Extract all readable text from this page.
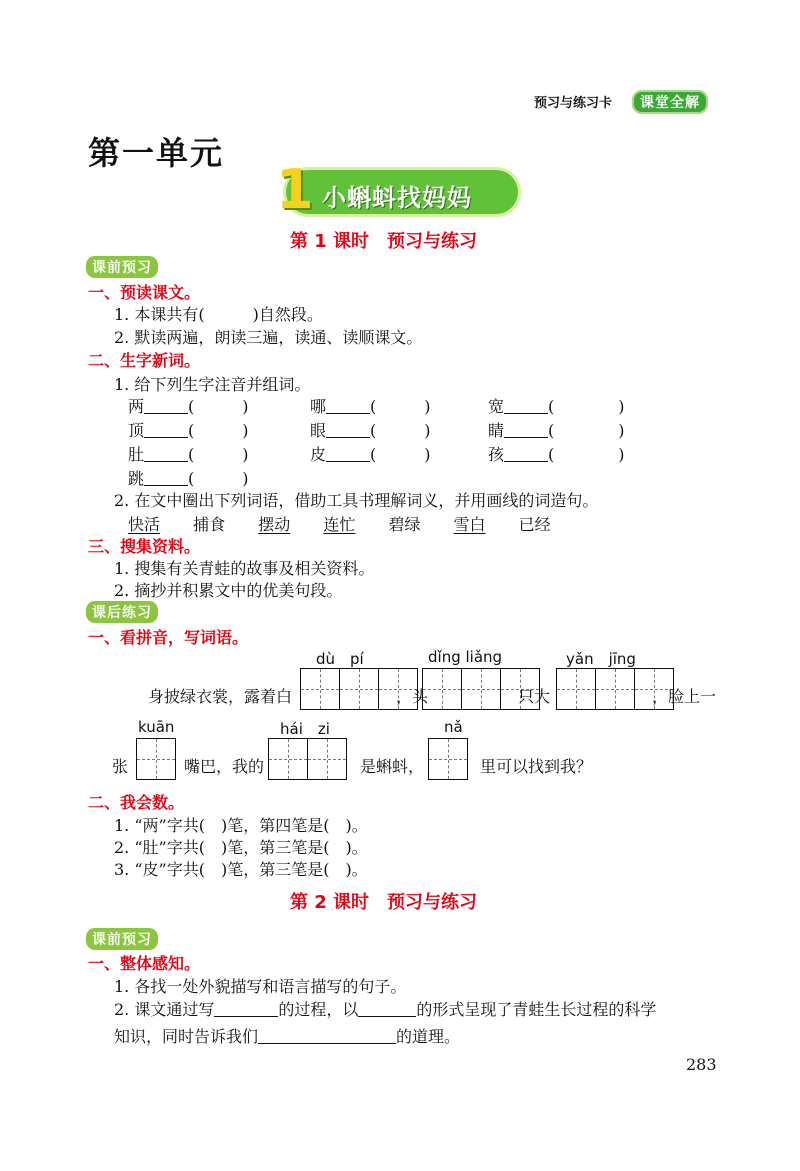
预习与练习卡	课堂全解
第一单元
1 小蝌蚪找妈妈
第 1 课时　预习与练习
课前预习
一、预读课文。
1. 本课共有(　　　)自然段。
2. 默读两遍，朗读三遍，读通、读顺课文。
二、生字新词。
1. 给下列生字注音并组词。
两	(　　　)	哪	(　　　)	宽	(　　　　)
顶	(　　　)	眼	(　　　)	睛	(　　　　)
肚	(　　　)	皮	(　　　)	孩	(　　　　)
跳	(　　　)
2. 在文中圈出下列词语，借助工具书理解词义，并用画线的词造句。
快活 捕食 摆动 连忙 碧绿 雪白 已经
三、搜集资料。
1. 搜集有关青蛙的故事及相关资料。
2. 摘抄并积累文中的优美句段。
课后练习
一、看拼音，写词语。
dù　pí	dǐng liǎng	yǎn　jīng
身披绿衣裳，露着白	，头	只大	，脸上一
kuān	hái　zi	nǎ
张	嘴巴，我的	是蝌蚪，	里可以找到我？
二、我会数。
1. “两”字共(　)笔，第四笔是(　)。
2. “肚”字共(　)笔，第三笔是(　)。
3. “皮”字共(　)笔，第三笔是(　)。
第 2 课时　预习与练习
课前预习
一、整体感知。
1. 各找一处外貌描写和语言描写的句子。
2. 课文通过写	的过程，以	的形式呈现了青蛙生长过程的科学
知识，同时告诉我们	的道理。
283
